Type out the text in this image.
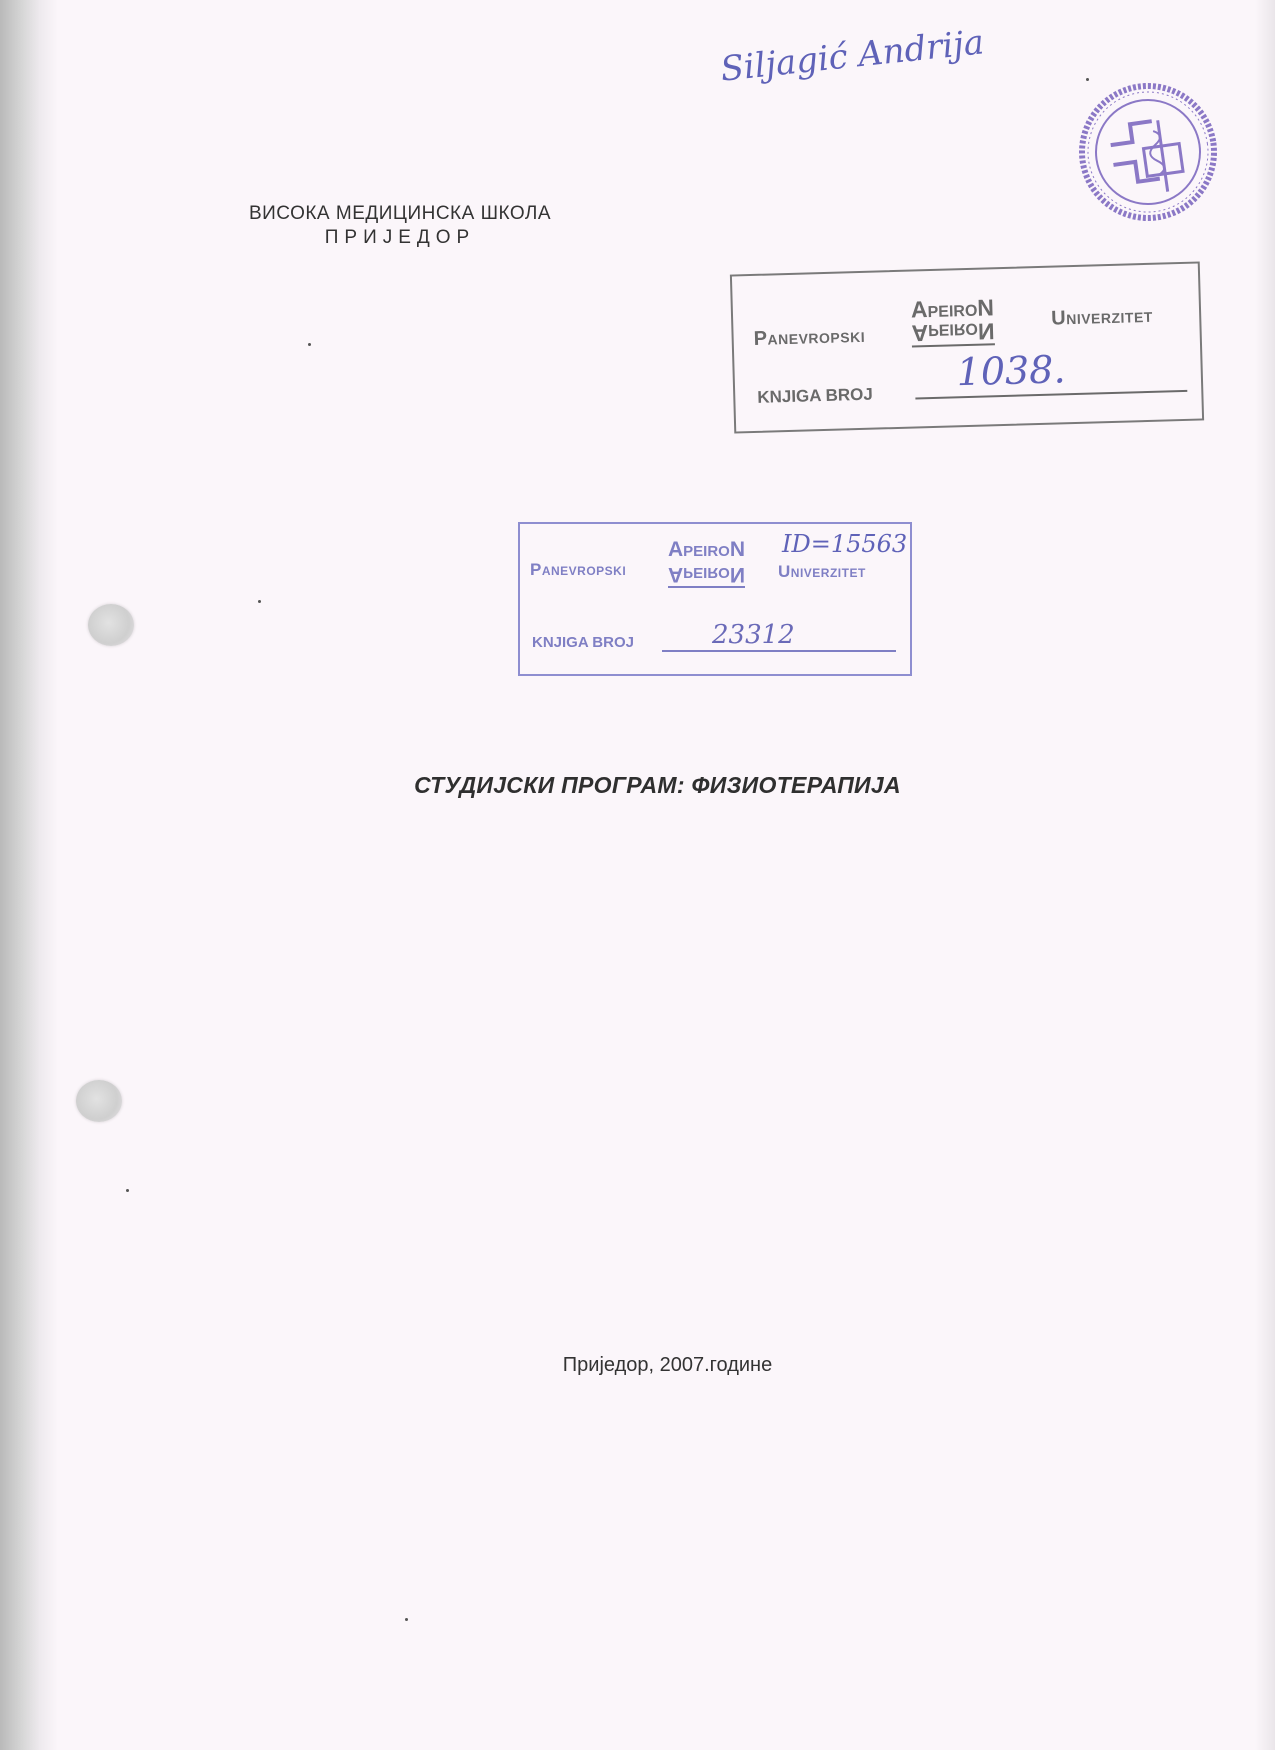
Siljagić Andrija
ВИСОКА МЕДИЦИНСКА ШКОЛА
ПРИЈЕДОР
Panevropski
ApeiroN
ApeiroN
Univerzitet
KNJIGA BROJ
1038.
Panevropski
ApeiroN
ApeiroN Univerzitet
ID=15563
KNJIGA BROJ	23312
СТУДИЈСКИ ПРОГРАМ: ФИЗИОТЕРАПИЈА
Приједор, 2007.године
